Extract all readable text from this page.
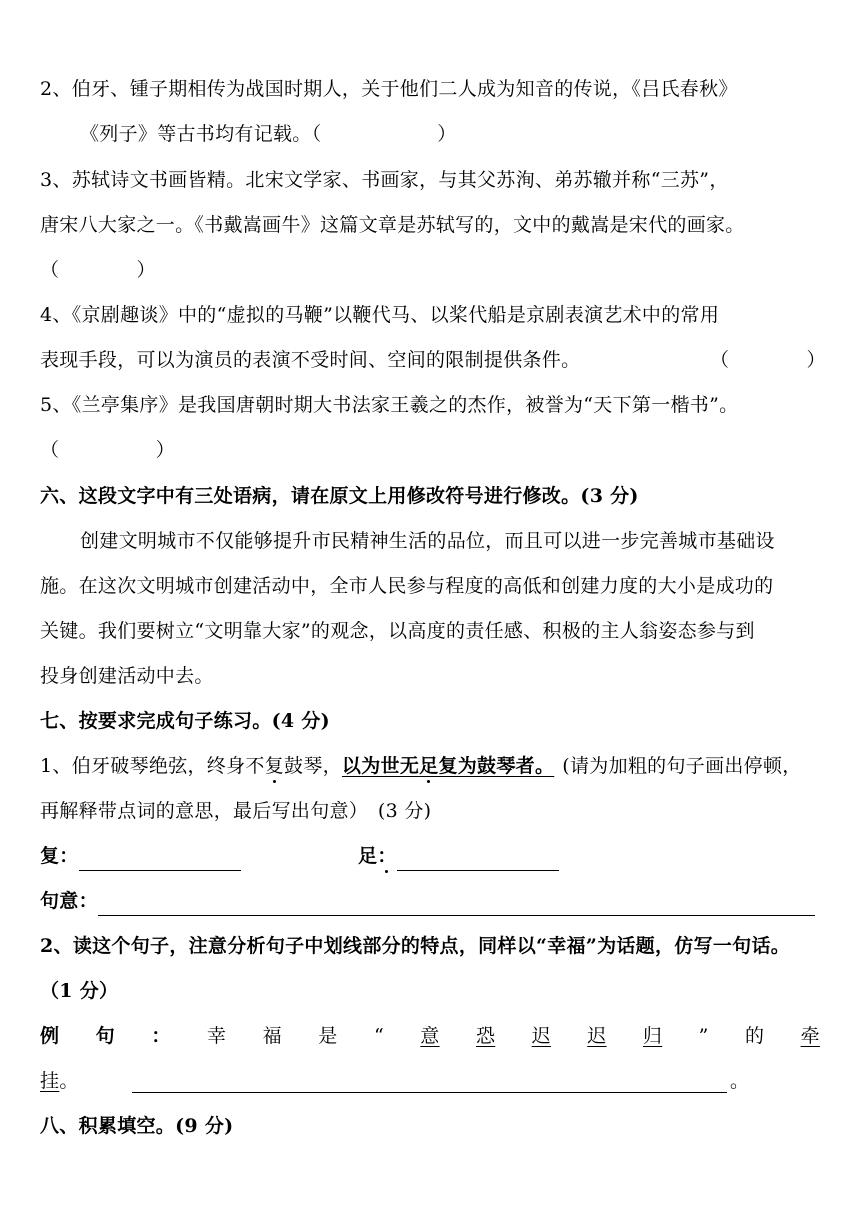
2、伯牙、锺子期相传为战国时期人，关于他们二人成为知音的传说，《吕氏春秋》
《列子》等古书均有记载。（　　　　　　）
3、苏轼诗文书画皆精。北宋文学家、书画家，与其父苏洵、弟苏辙并称“三苏”，
唐宋八大家之一。《书戴嵩画牛》这篇文章是苏轼写的，文中的戴嵩是宋代的画家。
（　　　　）
4、《京剧趣谈》中的“虚拟的马鞭”以鞭代马、以桨代船是京剧表演艺术中的常用
表现手段，可以为演员的表演不受时间、空间的限制提供条件。	（　　　　）
5、《兰亭集序》是我国唐朝时期大书法家王羲之的杰作，被誉为“天下第一楷书”。
（　　　　　）
六、这段文字中有三处语病，请在原文上用修改符号进行修改。(3 分)
创建文明城市不仅能够提升市民精神生活的品位，而且可以进一步完善城市基础设
施。在这次文明城市创建活动中，全市人民参与程度的高低和创建力度的大小是成功的
关键。我们要树立“文明靠大家”的观念，以高度的责任感、积极的主人翁姿态参与到
投身创建活动中去。
七、按要求完成句子练习。(4 分)
1、伯牙破琴绝弦，终身不复鼓琴，以为世无足复为鼓琴者。 (请为加粗的句子画出停顿，
再解释带点词的意思，最后写出句意）　(3 分)
复：	足：
句意：
2、读这个句子，注意分析句子中划线部分的特点，同样以“幸福”为话题，仿写一句话。
（1 分）
例 句 ： 幸 福 是 “ 意 恐 迟 迟 归 ” 的 牵
挂。	。
八、积累填空。(9 分)
